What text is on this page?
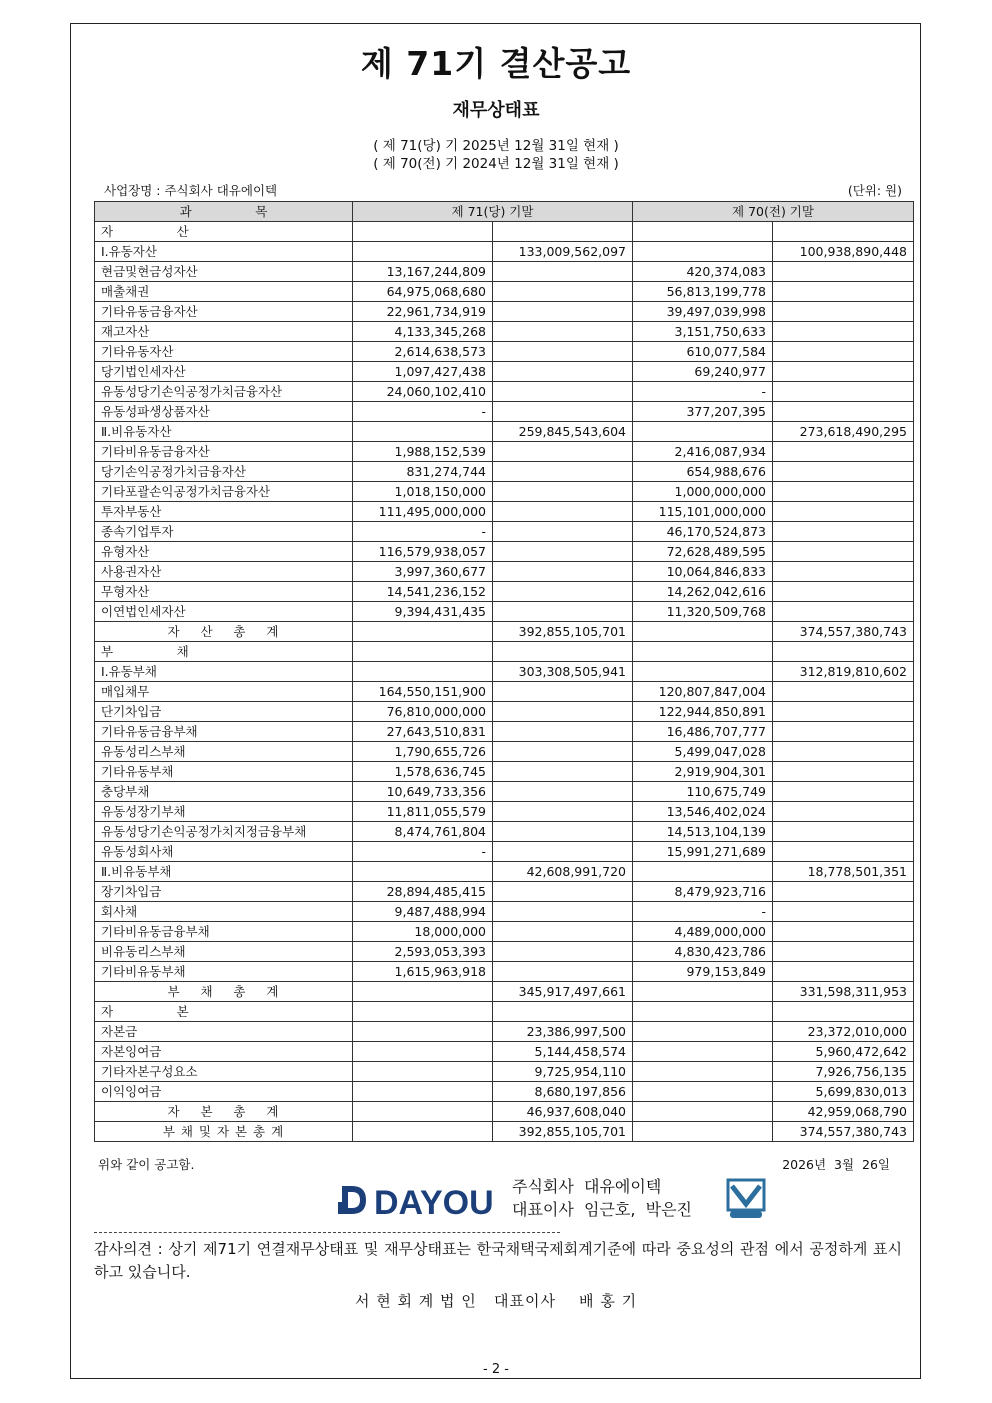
제 71기 결산공고
재무상태표
( 제 71(당) 기 2025년 12월 31일 현재 )
( 제 70(전) 기 2024년 12월 31일 현재 )
사업장명 : 주식회사 대유에이텍	(단위: 원)
과                목	제 71(당) 기말		제 70(전) 기말	
자                산				
Ⅰ.유동자산		133,009,562,097		100,938,890,448
현금및현금성자산	13,167,244,809		420,374,083	
매출채권	64,975,068,680		56,813,199,778	
기타유동금융자산	22,961,734,919		39,497,039,998	
재고자산	4,133,345,268		3,151,750,633	
기타유동자산	2,614,638,573		610,077,584	
당기법인세자산	1,097,427,438		69,240,977	
유동성당기손익공정가치금융자산	24,060,102,410		-	
유동성파생상품자산	-		377,207,395	
Ⅱ.비유동자산		259,845,543,604		273,618,490,295
기타비유동금융자산	1,988,152,539		2,416,087,934	
당기손익공정가치금융자산	831,274,744		654,988,676	
기타포괄손익공정가치금융자산	1,018,150,000		1,000,000,000	
투자부동산	111,495,000,000		115,101,000,000	
종속기업투자	-		46,170,524,873	
유형자산	116,579,938,057		72,628,489,595	
사용권자산	3,997,360,677		10,064,846,833	
무형자산	14,541,236,152		14,262,042,616	
이연법인세자산	9,394,431,435		11,320,509,768	
자    산    총    계		392,855,105,701		374,557,380,743
부                채				
Ⅰ.유동부채		303,308,505,941		312,819,810,602
매입채무	164,550,151,900		120,807,847,004	
단기차입금	76,810,000,000		122,944,850,891	
기타유동금융부채	27,643,510,831		16,486,707,777	
유동성리스부채	1,790,655,726		5,499,047,028	
기타유동부채	1,578,636,745		2,919,904,301	
충당부채	10,649,733,356		110,675,749	
유동성장기부채	11,811,055,579		13,546,402,024	
유동성당기손익공정가치지정금융부채	8,474,761,804		14,513,104,139	
유동성회사채	-		15,991,271,689	
Ⅱ.비유동부채		42,608,991,720		18,778,501,351
장기차입금	28,894,485,415		8,479,923,716	
회사채	9,487,488,994		-	
기타비유동금융부채	18,000,000		4,489,000,000	
비유동리스부채	2,593,053,393		4,830,423,786	
기타비유동부채	1,615,963,918		979,153,849	
부    채    총    계		345,917,497,661		331,598,311,953
자                본				
자본금		23,386,997,500		23,372,010,000
자본잉여금		5,144,458,574		5,960,472,642
기타자본구성요소		9,725,954,110		7,926,756,135
이익잉여금		8,680,197,856		5,699,830,013
자    본    총    계		46,937,608,040		42,959,068,790
부 채 및 자 본 총 계		392,855,105,701		374,557,380,743
위와 같이 공고함.	2026년  3월  26일
DAYOU 주식회사  대유에이텍
대표이사  임근호,  박은진
감사의견 : 상기 제71기 연결재무상태표 및 재무상태표는 한국채택국제회계기준에 따라 중요성의 관점 에서 공정하게 표시하고 있습니다.
서 현 회 계 법 인   대표이사    배 홍 기
- 2 -
